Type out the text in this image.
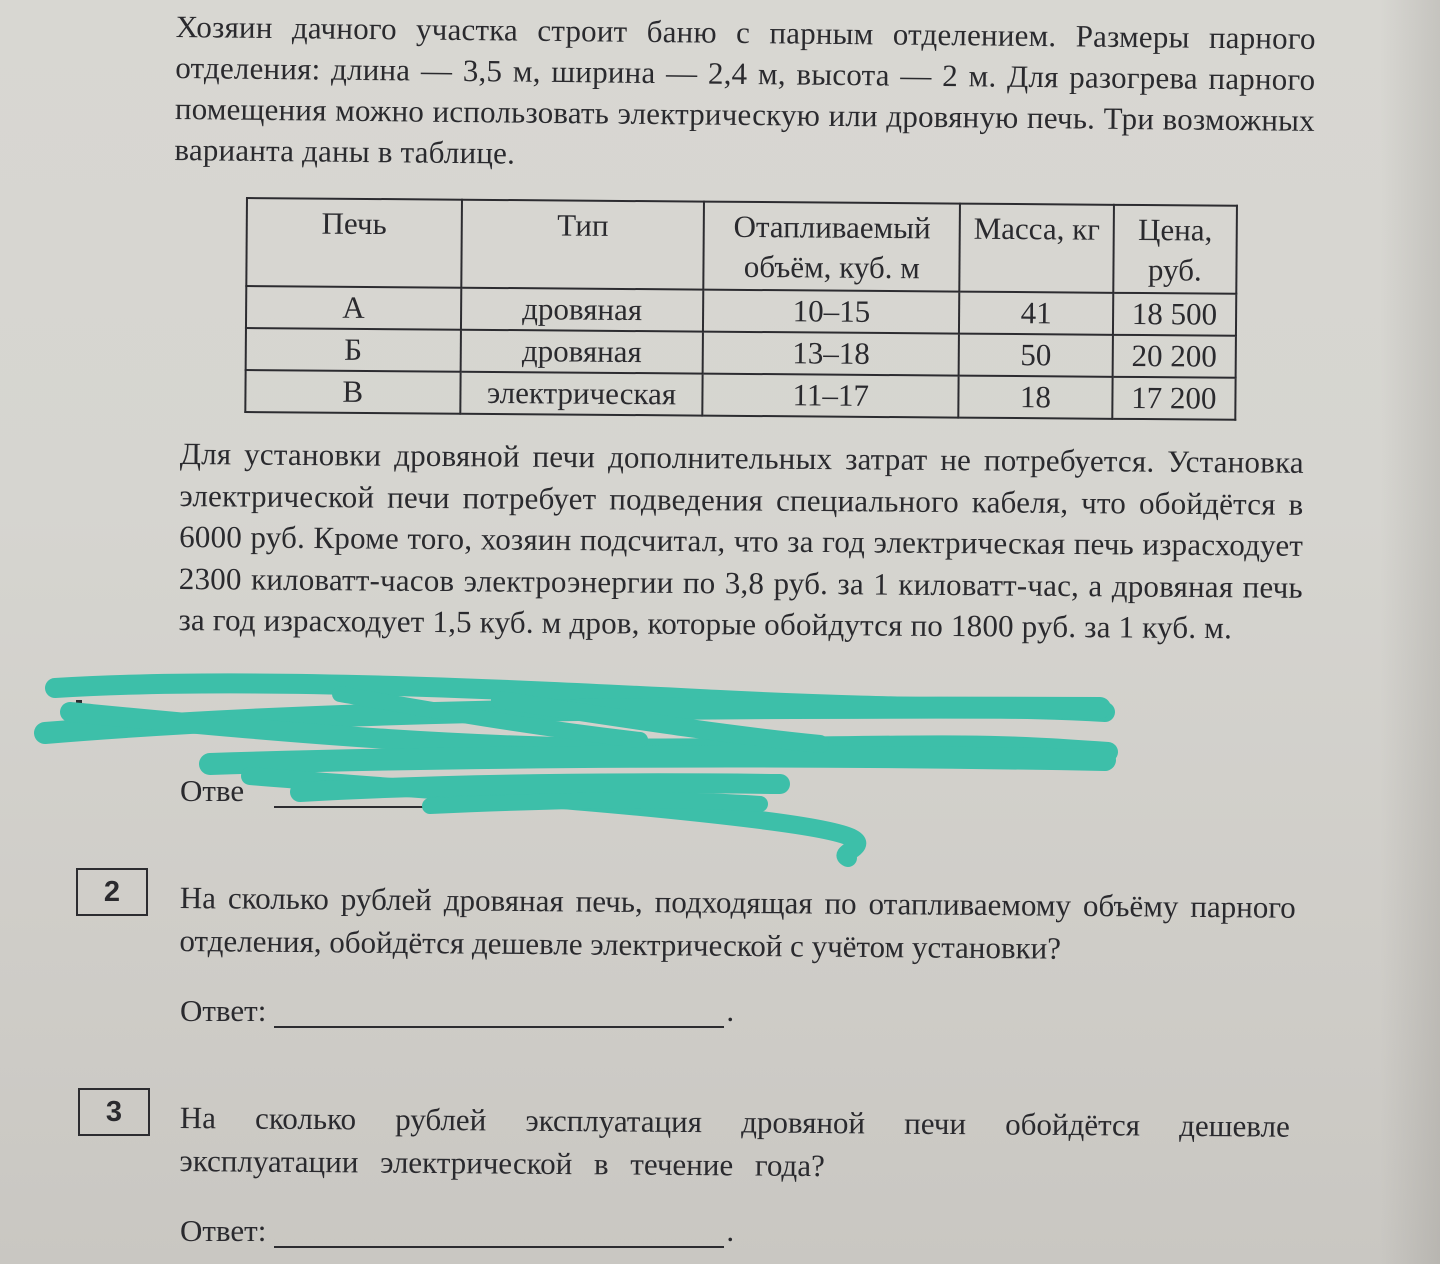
Хозяин дачного участка строит баню с парным отделением. Размеры парного отделения: длина — 3,5 м, ширина — 2,4 м, высота — 2 м. Для разогрева парного помещения можно использовать электрическую или дровяную печь. Три возможных варианта даны в таблице.

Печь	Тип	Отапливаемый объём, куб. м	Масса, кг	Цена, руб.
А	дровяная	10–15	41	18 500
Б	дровяная	13–18	50	20 200
В	электрическая	11–17	18	17 200

Для установки дровяной печи дополнительных затрат не потребуется. Установка электрической печи потребует подведения специального кабеля, что обойдётся в 6000 руб. Кроме того, хозяин подсчитал, что за год электрическая печь израсходует 2300 киловатт-часов электроэнергии по 3,8 руб. за 1 киловатт-час, а дровяная печь за год израсходует 1,5 куб. м дров, которые обойдутся по 1800 руб. за 1 куб. м.

Отве
2	На сколько рублей дровяная печь, подходящая по отапливаемому объёму парного отделения, обойдётся дешевле электрической с учётом установки?

Ответ:	.
3	На сколько рублей эксплуатация дровяной печи обойдётся дешевле эксплуатации электрической в течение года?

Ответ:	.
.
